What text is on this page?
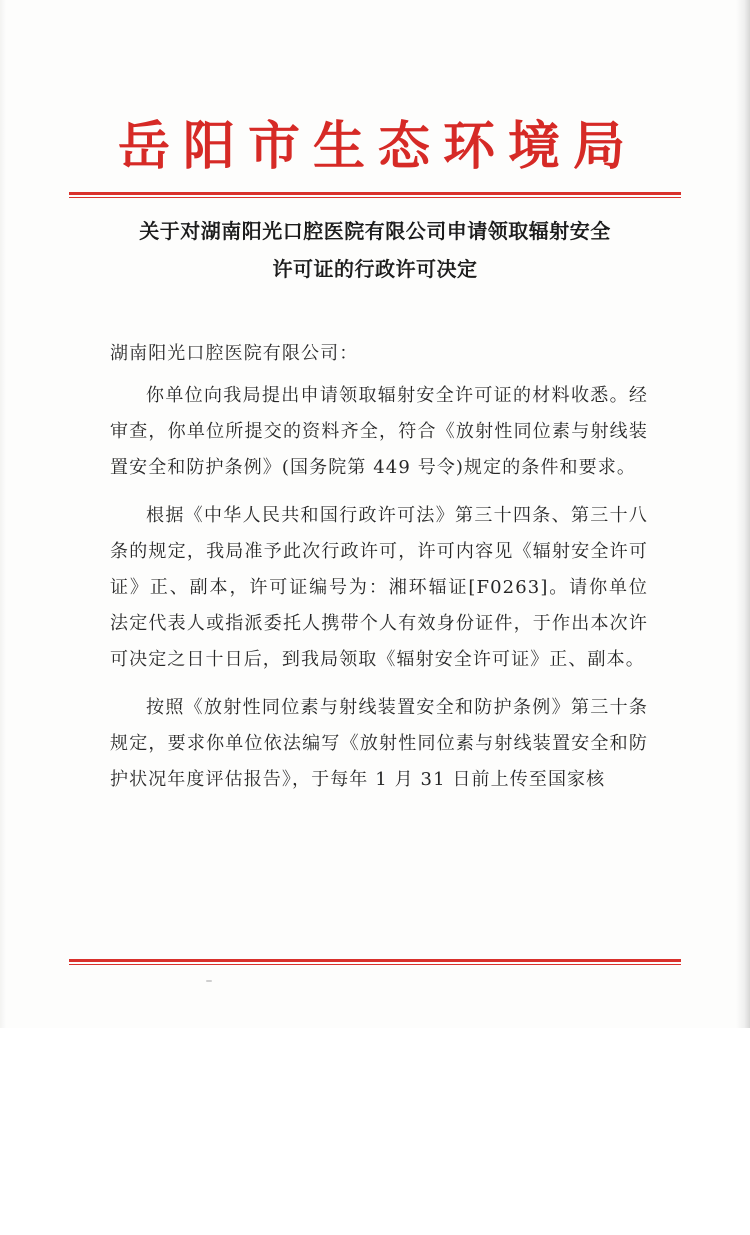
岳阳市生态环境局
关于对湖南阳光口腔医院有限公司申请领取辐射安全
许可证的行政许可决定

湖南阳光口腔医院有限公司：

你单位向我局提出申请领取辐射安全许可证的材料收悉。经审查，你单位所提交的资料齐全，符合《放射性同位素与射线装置安全和防护条例》(国务院第 449 号令)规定的条件和要求。

根据《中华人民共和国行政许可法》第三十四条、第三十八条的规定，我局准予此次行政许可，许可内容见《辐射安全许可证》正、副本，许可证编号为：湘环辐证[F0263]。请你单位法定代表人或指派委托人携带个人有效身份证件，于作出本次许可决定之日十日后，到我局领取《辐射安全许可证》正、副本。

按照《放射性同位素与射线装置安全和防护条例》第三十条规定，要求你单位依法编写《放射性同位素与射线装置安全和防护状况年度评估报告》，于每年 1 月 31 日前上传至国家核
